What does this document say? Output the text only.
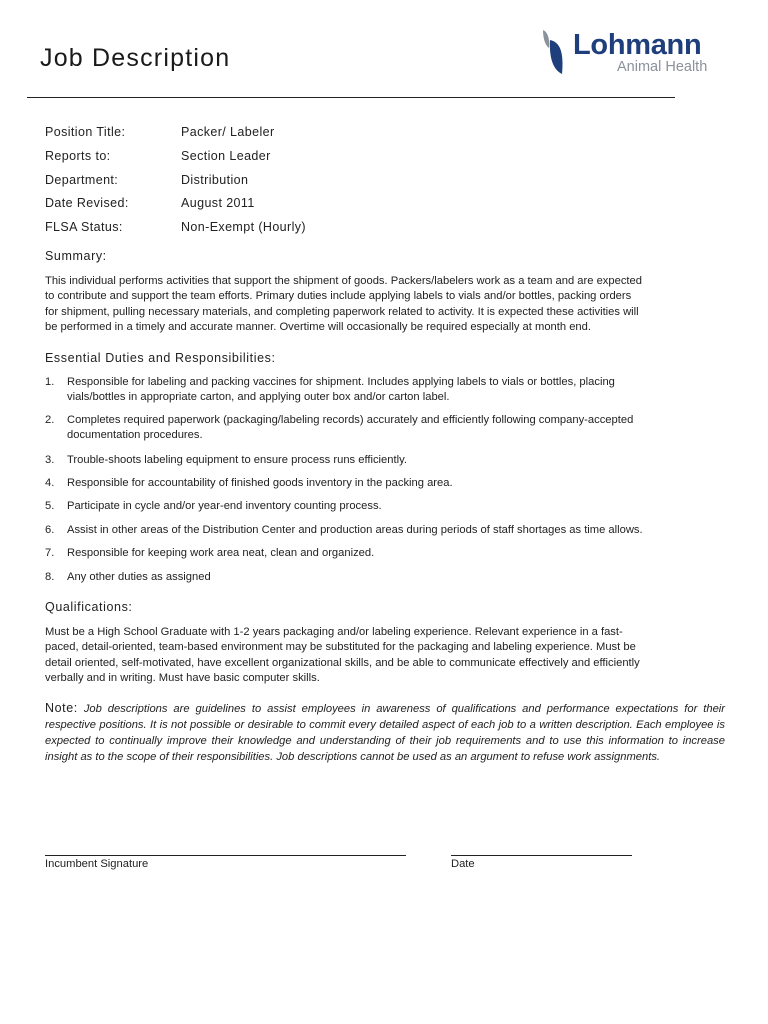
Job Description	Lohmann
Animal Health
Position Title:	Packer/ Labeler
Reports to:	Section Leader
Department:	Distribution
Date Revised:	August 2011
FLSA Status:	Non-Exempt (Hourly)
Summary:
This individual performs activities that support the shipment of goods. Packers/labelers work as a team and are expected
to contribute and support the team efforts. Primary duties include applying labels to vials and/or bottles, packing orders
for shipment, pulling necessary materials, and completing paperwork related to activity. It is expected these activities will
be performed in a timely and accurate manner. Overtime will occasionally be required especially at month end.
Essential Duties and Responsibilities:
1.	Responsible for labeling and packing vaccines for shipment. Includes applying labels to vials or bottles, placing
vials/bottles in appropriate carton, and applying outer box and/or carton label.
2.	Completes required paperwork (packaging/labeling records) accurately and efficiently following company-accepted
documentation procedures.
3.	Trouble-shoots labeling equipment to ensure process runs efficiently.
4.	Responsible for accountability of finished goods inventory in the packing area.
5.	Participate in cycle and/or year-end inventory counting process.
6.	Assist in other areas of the Distribution Center and production areas during periods of staff shortages as time allows.
7.	Responsible for keeping work area neat, clean and organized.
8.	Any other duties as assigned
Qualifications:
Must be a High School Graduate with 1-2 years packaging and/or labeling experience. Relevant experience in a fast-
paced, detail-oriented, team-based environment may be substituted for the packaging and labeling experience. Must be
detail oriented, self-motivated, have excellent organizational skills, and be able to communicate effectively and efficiently
verbally and in writing. Must have basic computer skills.

Note: Job descriptions are guidelines to assist employees in awareness of qualifications and performance expectations for their respective positions. It is not possible or desirable to commit every detailed aspect of each job to a written description. Each employee is expected to continually improve their knowledge and understanding of their job requirements and to use this information to increase insight as to the scope of their responsibilities. Job descriptions cannot be used as an argument to refuse work assignments.

Incumbent Signature	Date
